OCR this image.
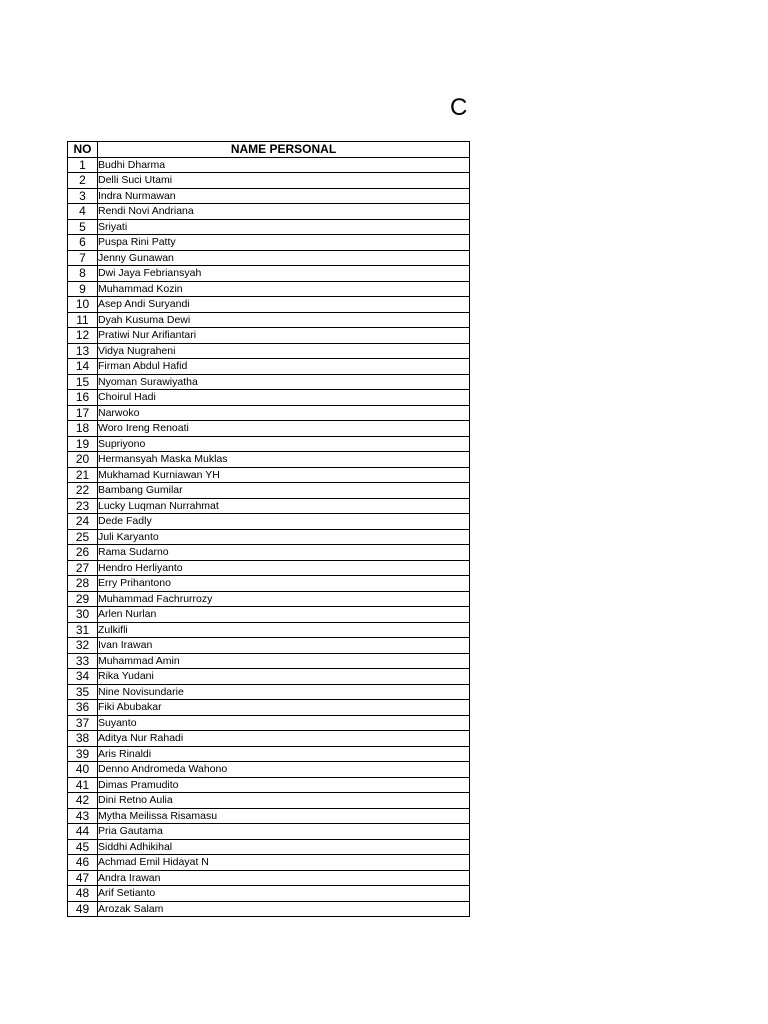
C
NO	NAME PERSONAL
1	Budhi Dharma
2	Delli Suci Utami
3	Indra Nurmawan
4	Rendi Novi Andriana
5	Sriyati
6	Puspa Rini Patty
7	Jenny Gunawan
8	Dwi Jaya Febriansyah
9	Muhammad Kozin
10	Asep Andi Suryandi
11	Dyah Kusuma Dewi
12	Pratiwi Nur Arifiantari
13	Vidya Nugraheni
14	Firman Abdul Hafid
15	Nyoman Surawiyatha
16	Choirul Hadi
17	Narwoko
18	Woro Ireng Renoati
19	Supriyono
20	Hermansyah Maska Muklas
21	Mukhamad Kurniawan YH
22	Bambang Gumilar
23	Lucky Luqman Nurrahmat
24	Dede Fadly
25	Juli Karyanto
26	Rama Sudarno
27	Hendro Herliyanto
28	Erry Prihantono
29	Muhammad Fachrurrozy
30	Arlen Nurlan
31	Zulkifli
32	Ivan Irawan
33	Muhammad Amin
34	Rika Yudani
35	Nine Novisundarie
36	Fiki Abubakar
37	Suyanto
38	Aditya Nur Rahadi
39	Aris Rinaldi
40	Denno Andromeda Wahono
41	Dimas Pramudito
42	Dini Retno Aulia
43	Mytha Meilissa Risamasu
44	Pria Gautama
45	Siddhi Adhikihal
46	Achmad Emil Hidayat N
47	Andra Irawan
48	Arif Setianto
49	Arozak Salam
